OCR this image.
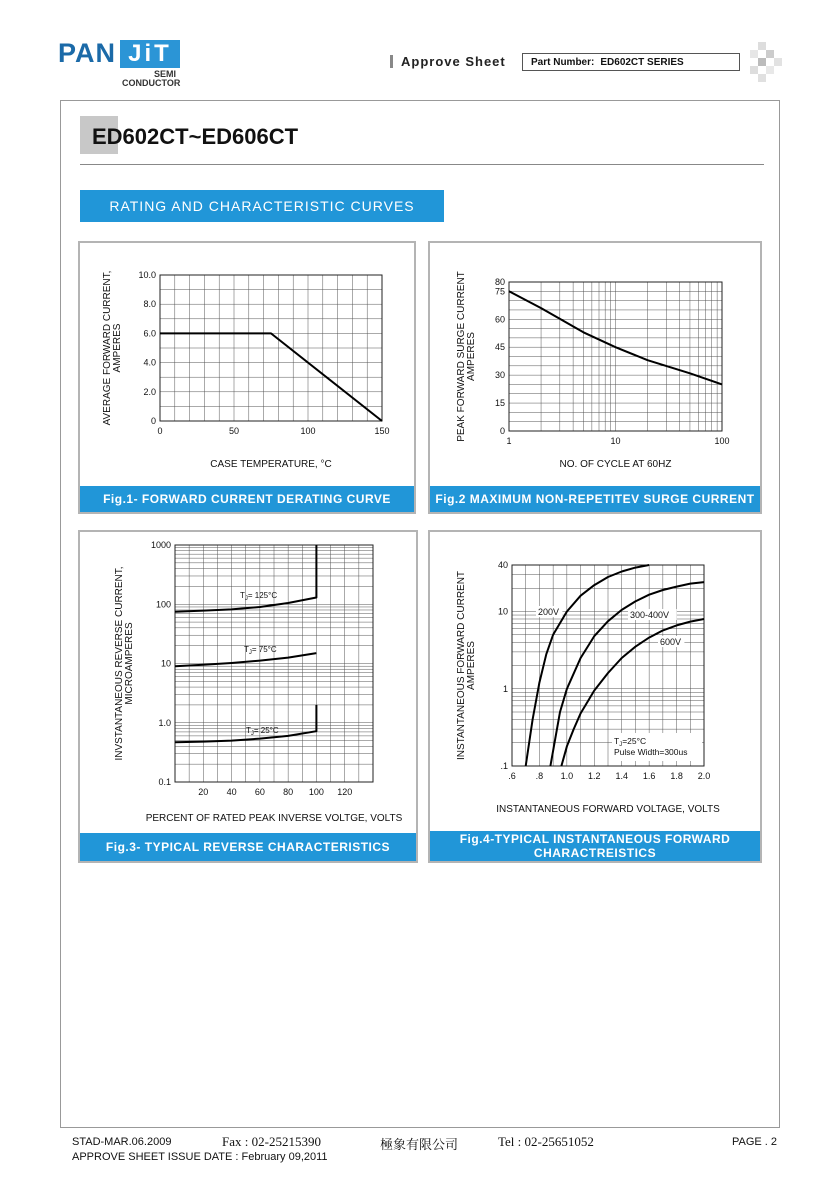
PAN JiT
SEMI
CONDUCTOR
Approve Sheet	Part Number: ED602CT SERIES
ED602CT~ED606CT
RATING AND CHARACTERISTIC CURVES
0	50	100	150
0
2.0
4.0
6.0
8.0
10.0
CASE TEMPERATURE, °C
AVERAGE FORWARD CURRENT, AMPERES
Fig.1- FORWARD CURRENT DERATING CURVE
1	10	100
0
15
30
45
60
75
80
NO. OF CYCLE AT 60HZ
PEAK FORWARD SURGE CURRENT AMPERES
Fig.2 MAXIMUM NON-REPETITEV SURGE CURRENT
20 40 60 80 100 120
0.1
1.0
10
100
1000
PERCENT OF RATED PEAK INVERSE VOLTGE, VOLTS
INVSTANTANEOUS REVERSE CURRENT, MICROAMPERES
$T_J= 125^\circ C$
$T_J= 75^\circ C$
$T_J= 25^\circ C$
Fig.3- TYPICAL REVERSE CHARACTERISTICS
.6 .8 1.0 1.2 1.4 1.6 1.8 2.0
.1
1
10
40
INSTANTANEOUS FORWARD VOLTAGE, VOLTS
INSTANTANEOUS FORWARD CURRENT AMPERES
200V	300-400V
600V
$T_J=25^\circ C$
Pulse Width=300us
Fig.4-TYPICAL INSTANTANEOUS FORWARD
CHARACTREISTICS
STAD-MAR.06.2009	Fax : 02-25215390	極象有限公司	Tel : 02-25651052	PAGE . 2
APPROVE SHEET ISSUE DATE : February 09,2011
